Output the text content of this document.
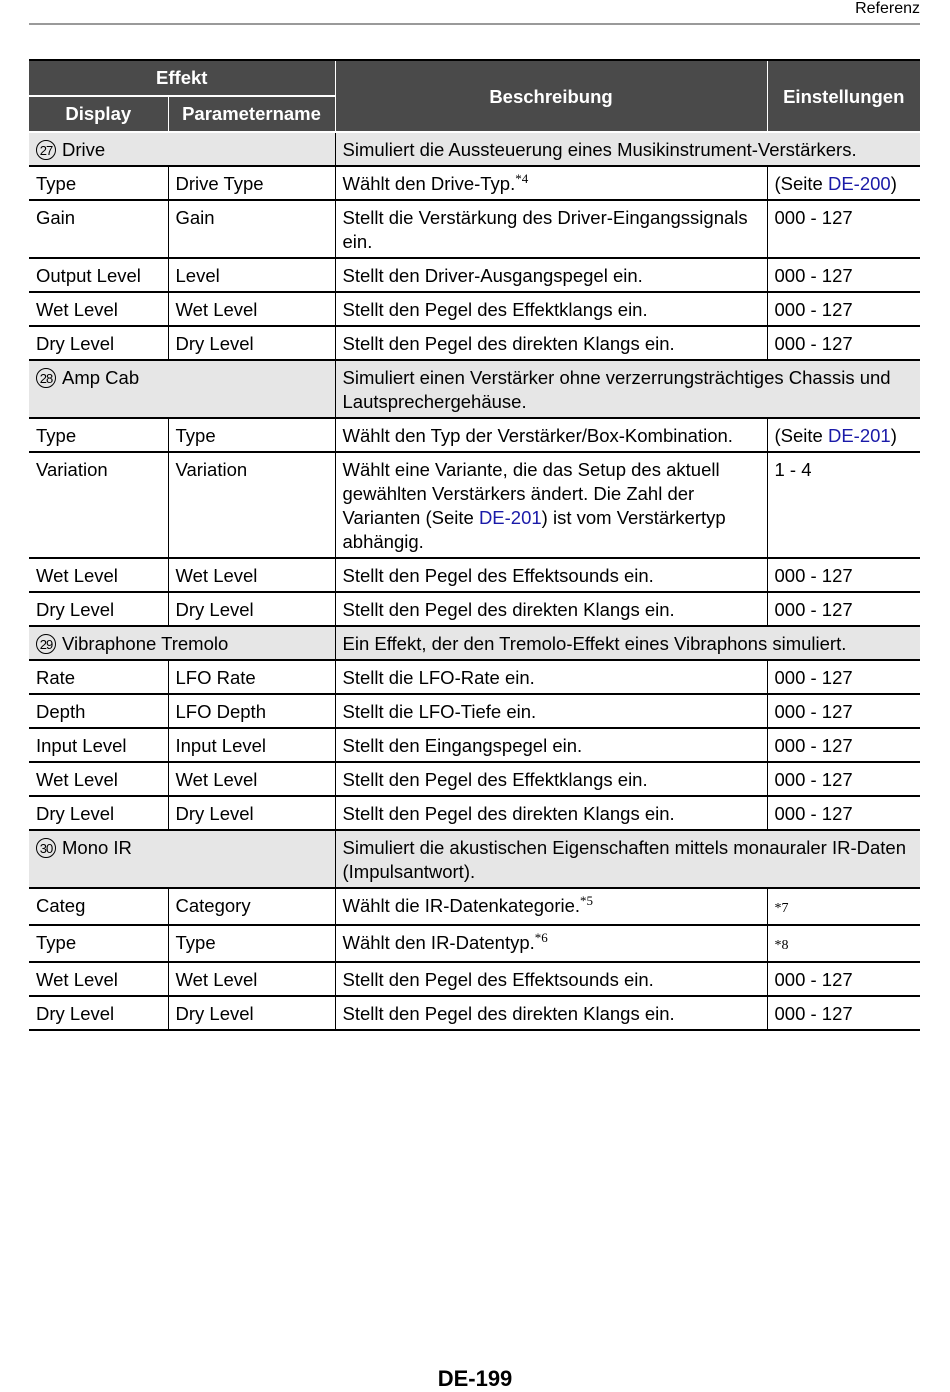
Referenz
Effekt		Beschreibung	Einstellungen
Display	Parametername		
27 Drive		Simuliert die Aussteuerung eines Musikinstrument-Verstärkers.	
Type	Drive Type	Wählt den Drive-Typ.$^{*4}$	(Seite DE-200)
Gain	Gain	Stellt die Verstärkung des Driver-Eingangssignals ein.	000 - 127
Output Level	Level	Stellt den Driver-Ausgangspegel ein.	000 - 127
Wet Level	Wet Level	Stellt den Pegel des Effektklangs ein.	000 - 127
Dry Level	Dry Level	Stellt den Pegel des direkten Klangs ein.	000 - 127
28 Amp Cab		Simuliert einen Verstärker ohne verzerrungsträchtiges Chassis und Lautsprechergehäuse.	
Type	Type	Wählt den Typ der Verstärker/Box-Kombination.	(Seite DE-201)
Variation	Variation	Wählt eine Variante, die das Setup des aktuell gewählten Verstärkers ändert. Die Zahl der Varianten (Seite DE-201) ist vom Verstärkertyp abhängig.	1 - 4
Wet Level	Wet Level	Stellt den Pegel des Effektsounds ein.	000 - 127
Dry Level	Dry Level	Stellt den Pegel des direkten Klangs ein.	000 - 127
29 Vibraphone Tremolo		Ein Effekt, der den Tremolo-Effekt eines Vibraphons simuliert.	
Rate	LFO Rate	Stellt die LFO-Rate ein.	000 - 127
Depth	LFO Depth	Stellt die LFO-Tiefe ein.	000 - 127
Input Level	Input Level	Stellt den Eingangspegel ein.	000 - 127
Wet Level	Wet Level	Stellt den Pegel des Effektklangs ein.	000 - 127
Dry Level	Dry Level	Stellt den Pegel des direkten Klangs ein.	000 - 127
30 Mono IR		Simuliert die akustischen Eigenschaften mittels monauraler IR-Daten (Impulsantwort).	
Categ	Category	Wählt die IR-Datenkategorie.$^{*5}$	*7
Type	Type	Wählt den IR-Datentyp.$^{*6}$	*8
Wet Level	Wet Level	Stellt den Pegel des Effektsounds ein.	000 - 127
Dry Level	Dry Level	Stellt den Pegel des direkten Klangs ein.	000 - 127
DE-199
